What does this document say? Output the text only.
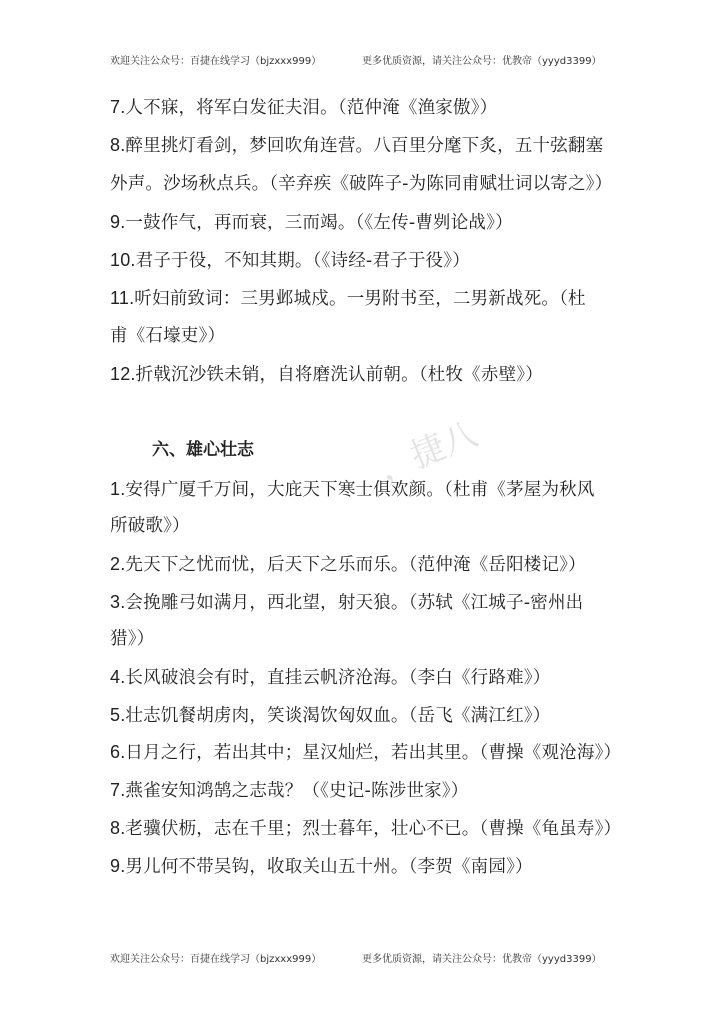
欢迎关注公众号：百捷在线学习（bjzxxx999）	更多优质资源，请关注公众号：优教帝（yyyd3399）
，捷八
7.人不寐，将军白发征夫泪。（范仲淹《渔家傲》）
8.醉里挑灯看剑，梦回吹角连营。八百里分麾下炙，五十弦翻塞
外声。沙场秋点兵。（辛弃疾《破阵子-为陈同甫赋壮词以寄之》）
9.一鼓作气，再而衰，三而竭。（《左传-曹刿论战》）
10.君子于役，不知其期。（《诗经-君子于役》）
11.听妇前致词：三男邺城戍。一男附书至，二男新战死。（杜
甫《石壕吏》）
12.折戟沉沙铁未销，自将磨洗认前朝。（杜牧《赤壁》）
六、雄心壮志
1.安得广厦千万间，大庇天下寒士俱欢颜。（杜甫《茅屋为秋风
所破歌》）
2.先天下之忧而忧，后天下之乐而乐。（范仲淹《岳阳楼记》）
3.会挽雕弓如满月，西北望，射天狼。（苏轼《江城子-密州出
猎》）
4.长风破浪会有时，直挂云帆济沧海。（李白《行路难》）
5.壮志饥餐胡虏肉，笑谈渴饮匈奴血。（岳飞《满江红》）
6.日月之行，若出其中；星汉灿烂，若出其里。（曹操《观沧海》）
7.燕雀安知鸿鹄之志哉？（《史记-陈涉世家》）
8.老骥伏枥，志在千里；烈士暮年，壮心不已。（曹操《龟虽寿》）
9.男儿何不带吴钩，收取关山五十州。（李贺《南园》）
欢迎关注公众号：百捷在线学习（bjzxxx999）	更多优质资源，请关注公众号：优教帝（yyyd3399）
